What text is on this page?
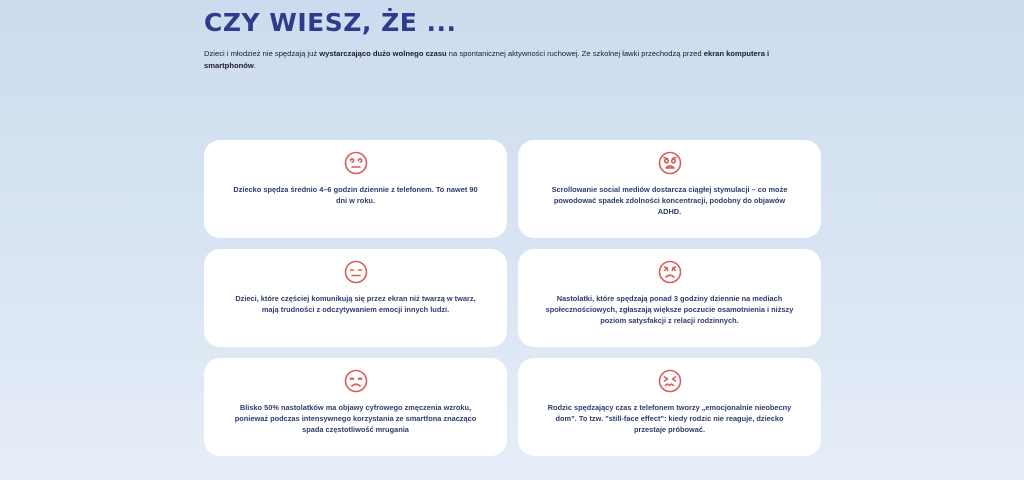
CZY WIESZ, ŻE ...

Dzieci i młodzież nie spędzają już wystarczająco dużo wolnego czasu na spontanicznej aktywności ruchowej. Ze szkolnej ławki przechodzą przed ekran komputera i smartphonów.

Dziecko spędza średnio 4–6 godzin dziennie z telefonem. To nawet 90 dni w roku.

Scrollowanie social mediów dostarcza ciągłej stymulacji – co może powodować spadek zdolności koncentracji, podobny do objawów ADHD.

Dzieci, które częściej komunikują się przez ekran niż twarzą w twarz, mają trudności z odczytywaniem emocji innych ludzi.

Nastolatki, które spędzają ponad 3 godziny dziennie na mediach społecznościowych, zgłaszają większe poczucie osamotnienia i niższy poziom satysfakcji z relacji rodzinnych.

Blisko 50% nastolatków ma objawy cyfrowego zmęczenia wzroku, ponieważ podczas intensywnego korzystania ze smartfona znacząco spada częstotliwość mrugania

Rodzic spędzający czas z telefonem tworzy „emocjonalnie nieobecny dom”. To tzw. "still-face effect": kiedy rodzic nie reaguje, dziecko przestaje próbować.
